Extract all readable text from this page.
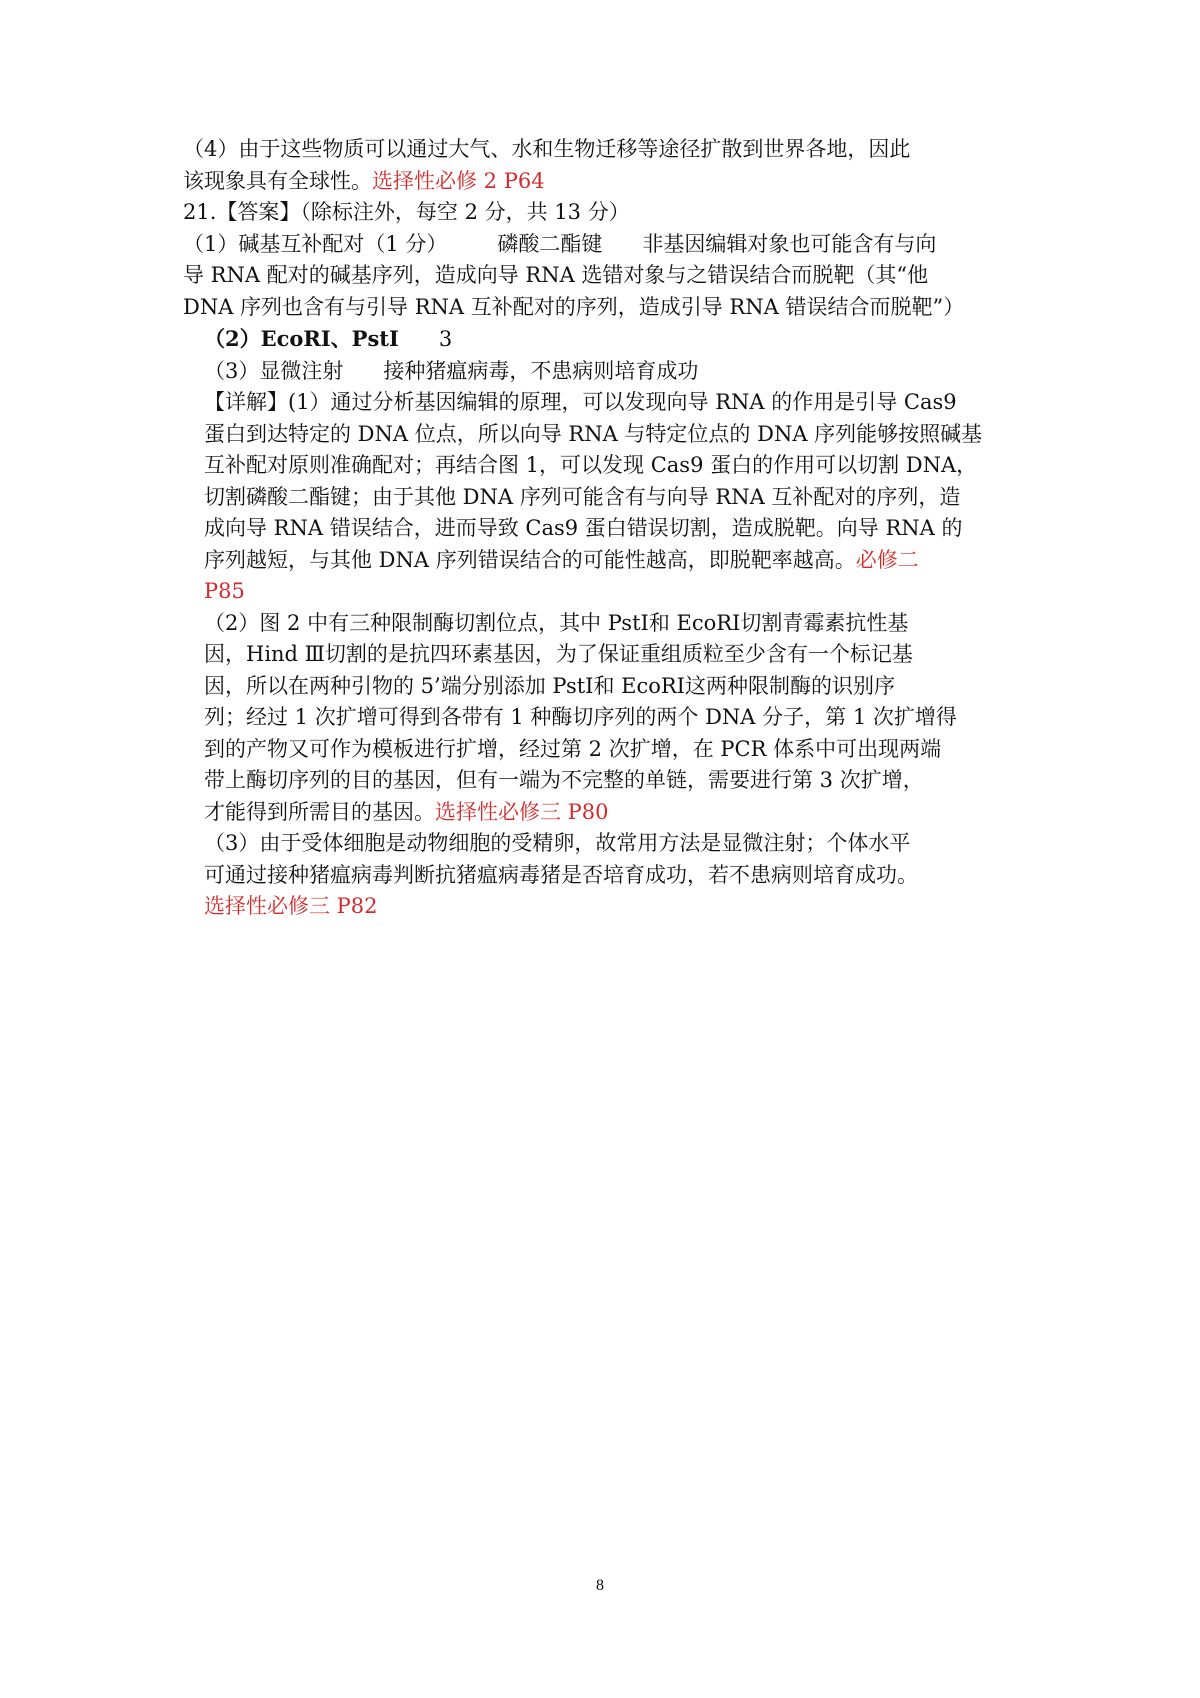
（4）由于这些物质可以通过大气、水和生物迁移等途径扩散到世界各地，因此
该现象具有全球性。选择性必修 2 P64
21.【答案】（除标注外，每空 2 分，共 13 分）
（1）碱基互补配对（1 分） 磷酸二酯键 非基因编辑对象也可能含有与向
导 RNA 配对的碱基序列，造成向导 RNA 选错对象与之错误结合而脱靶（其“他
DNA 序列也含有与引导 RNA 互补配对的序列，造成引导 RNA 错误结合而脱靶”）
（2）EcoRⅠ、PstⅠ 3
（3）显微注射 接种猪瘟病毒，不患病则培育成功
【详解】(1）通过分析基因编辑的原理，可以发现向导 RNA 的作用是引导 Cas9
蛋白到达特定的 DNA 位点，所以向导 RNA 与特定位点的 DNA 序列能够按照碱基
互补配对原则准确配对；再结合图 1，可以发现 Cas9 蛋白的作用可以切割 DNA，
切割磷酸二酯键；由于其他 DNA 序列可能含有与向导 RNA 互补配对的序列，造
成向导 RNA 错误结合，进而导致 Cas9 蛋白错误切割，造成脱靶。向导 RNA 的
序列越短，与其他 DNA 序列错误结合的可能性越高，即脱靶率越高。必修二
P85
（2）图 2 中有三种限制酶切割位点，其中 PstⅠ和 EcoRⅠ切割青霉素抗性基
因，Hind Ⅲ切割的是抗四环素基因，为了保证重组质粒至少含有一个标记基
因，所以在两种引物的 5’端分别添加 PstⅠ和 EcoRⅠ这两种限制酶的识别序
列；经过 1 次扩增可得到各带有 1 种酶切序列的两个 DNA 分子，第 1 次扩增得
到的产物又可作为模板进行扩增，经过第 2 次扩增，在 PCR 体系中可出现两端
带上酶切序列的目的基因，但有一端为不完整的单链，需要进行第 3 次扩增，
才能得到所需目的基因。选择性必修三 P80
（3）由于受体细胞是动物细胞的受精卵，故常用方法是显微注射；个体水平
可通过接种猪瘟病毒判断抗猪瘟病毒猪是否培育成功，若不患病则培育成功。
选择性必修三 P82
8
